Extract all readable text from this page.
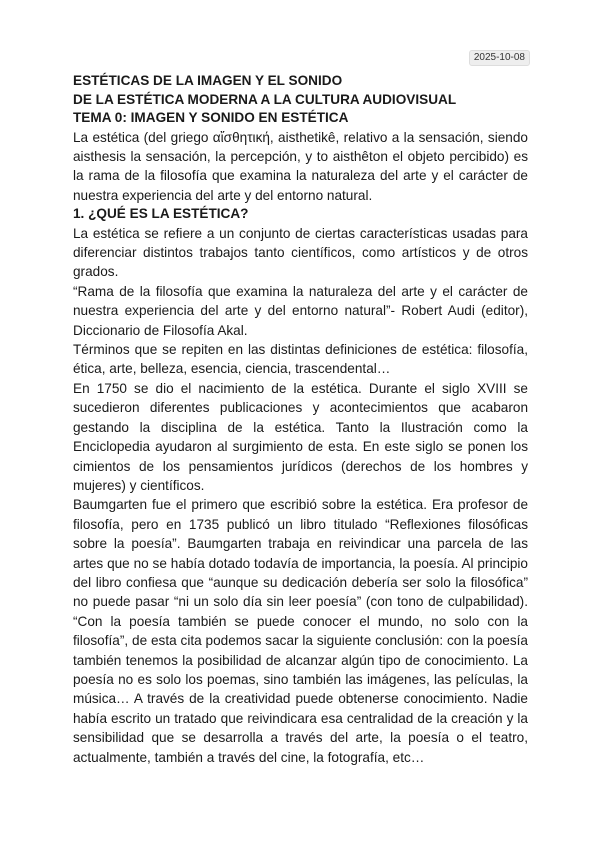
2025-10-08

ESTÉTICAS DE LA IMAGEN Y EL SONIDO

DE LA ESTÉTICA MODERNA A LA CULTURA AUDIOVISUAL

TEMA 0: IMAGEN Y SONIDO EN ESTÉTICA

La estética (del griego αἴσθητική, aisthetikê, relativo a la sensación, siendo aisthesis la sensación, la percepción, y to aisthêton el objeto percibido) es la rama de la filosofía que examina la naturaleza del arte y el carácter de nuestra experiencia del arte y del entorno natural.

1. ¿QUÉ ES LA ESTÉTICA?

La estética se refiere a un conjunto de ciertas características usadas para diferenciar distintos trabajos tanto científicos, como artísticos y de otros grados.

“Rama de la filosofía que examina la naturaleza del arte y el carácter de nuestra experiencia del arte y del entorno natural”- Robert Audi (editor), Diccionario de Filosofía Akal.

Términos que se repiten en las distintas definiciones de estética: filosofía, ética, arte, belleza, esencia, ciencia, trascendental…

En 1750 se dio el nacimiento de la estética. Durante el siglo XVIII se sucedieron diferentes publicaciones y acontecimientos que acabaron gestando la disciplina de la estética. Tanto la Ilustración como la Enciclopedia ayudaron al surgimiento de esta. En este siglo se ponen los cimientos de los pensamientos jurídicos (derechos de los hombres y mujeres) y científicos.

Baumgarten fue el primero que escribió sobre la estética. Era profesor de filosofía, pero en 1735 publicó un libro titulado “Reflexiones filosóficas sobre la poesía”. Baumgarten trabaja en reivindicar una parcela de las artes que no se había dotado todavía de importancia, la poesía. Al principio del libro confiesa que “aunque su dedicación debería ser solo la filosófica” no puede pasar “ni un solo día sin leer poesía” (con tono de culpabilidad). “Con la poesía también se puede conocer el mundo, no solo con la filosofía”, de esta cita podemos sacar la siguiente conclusión: con la poesía también tenemos la posibilidad de alcanzar algún tipo de conocimiento. La poesía no es solo los poemas, sino también las imágenes, las películas, la música… A través de la creatividad puede obtenerse conocimiento. Nadie había escrito un tratado que reivindicara esa centralidad de la creación y la sensibilidad que se desarrolla a través del arte, la poesía o el teatro, actualmente, también a través del cine, la fotografía, etc…
